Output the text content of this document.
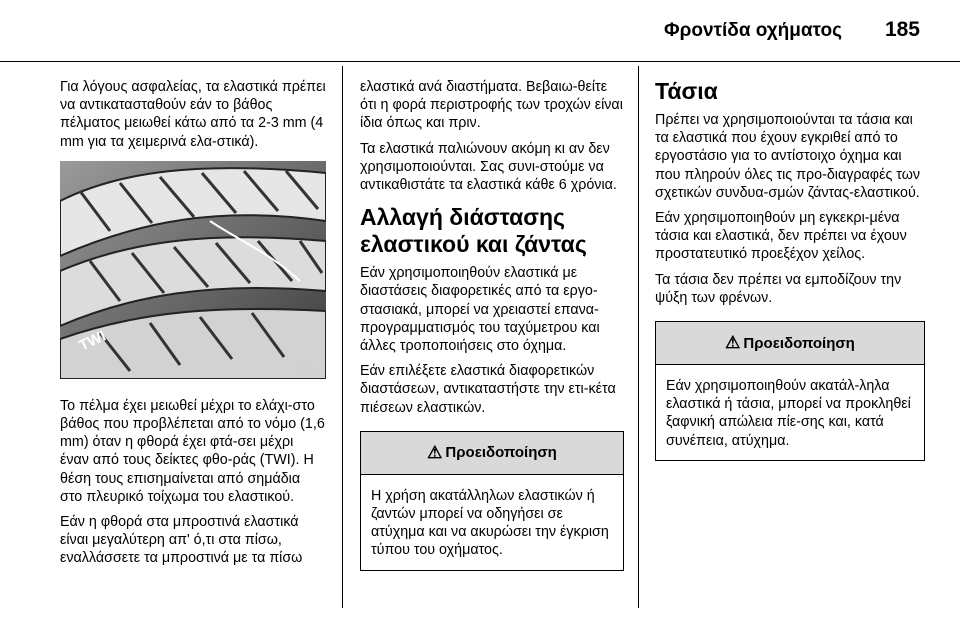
Φροντίδα οχήματος 185

Για λόγους ασφαλείας, τα ελαστικά πρέπει να αντικατασταθούν εάν το βάθος πέλματος μειωθεί κάτω από τα 2-3 mm (4 mm για τα χειμερινά ελα-στικά).

TWI
30055

Το πέλμα έχει μειωθεί μέχρι το ελάχι-στο βάθος που προβλέπεται από το νόμο (1,6 mm) όταν η φθορά έχει φτά-σει μέχρι έναν από τους δείκτες φθο-ράς (TWI). Η θέση τους επισημαίνεται από σημάδια στο πλευρικό τοίχωμα του ελαστικού.

Εάν η φθορά στα μπροστινά ελαστικά είναι μεγαλύτερη απ' ό,τι στα πίσω, εναλλάσσετε τα μπροστινά με τα πίσω

ελαστικά ανά διαστήματα. Βεβαιω-θείτε ότι η φορά περιστροφής των τροχών είναι ίδια όπως και πριν.

Τα ελαστικά παλιώνουν ακόμη κι αν δεν χρησιμοποιούνται. Σας συνι-στούμε να αντικαθιστάτε τα ελαστικά κάθε 6 χρόνια.

Αλλαγή διάστασης ελαστικού και ζάντας

Εάν χρησιμοποιηθούν ελαστικά με διαστάσεις διαφορετικές από τα εργο-στασιακά, μπορεί να χρειαστεί επανα-προγραμματισμός του ταχύμετρου και άλλες τροποποιήσεις στο όχημα.

Εάν επιλέξετε ελαστικά διαφορετικών διαστάσεων, αντικαταστήστε την ετι-κέτα πιέσεων ελαστικών.

⚠ Προειδοποίηση

Η χρήση ακατάλληλων ελαστικών ή ζαντών μπορεί να οδηγήσει σε ατύχημα και να ακυρώσει την έγκριση τύπου του οχήματος.

Τάσια

Πρέπει να χρησιμοποιούνται τα τάσια και τα ελαστικά που έχουν εγκριθεί από το εργοστάσιο για το αντίστοιχο όχημα και που πληρούν όλες τις προ-διαγραφές των σχετικών συνδυα-σμών ζάντας-ελαστικού.

Εάν χρησιμοποιηθούν μη εγκεκρι-μένα τάσια και ελαστικά, δεν πρέπει να έχουν προστατευτικό προεξέχον χείλος.

Τα τάσια δεν πρέπει να εμποδίζουν την ψύξη των φρένων.

⚠ Προειδοποίηση

Εάν χρησιμοποιηθούν ακατάλ-ληλα ελαστικά ή τάσια, μπορεί να προκληθεί ξαφνική απώλεια πίε-σης και, κατά συνέπεια, ατύχημα.
